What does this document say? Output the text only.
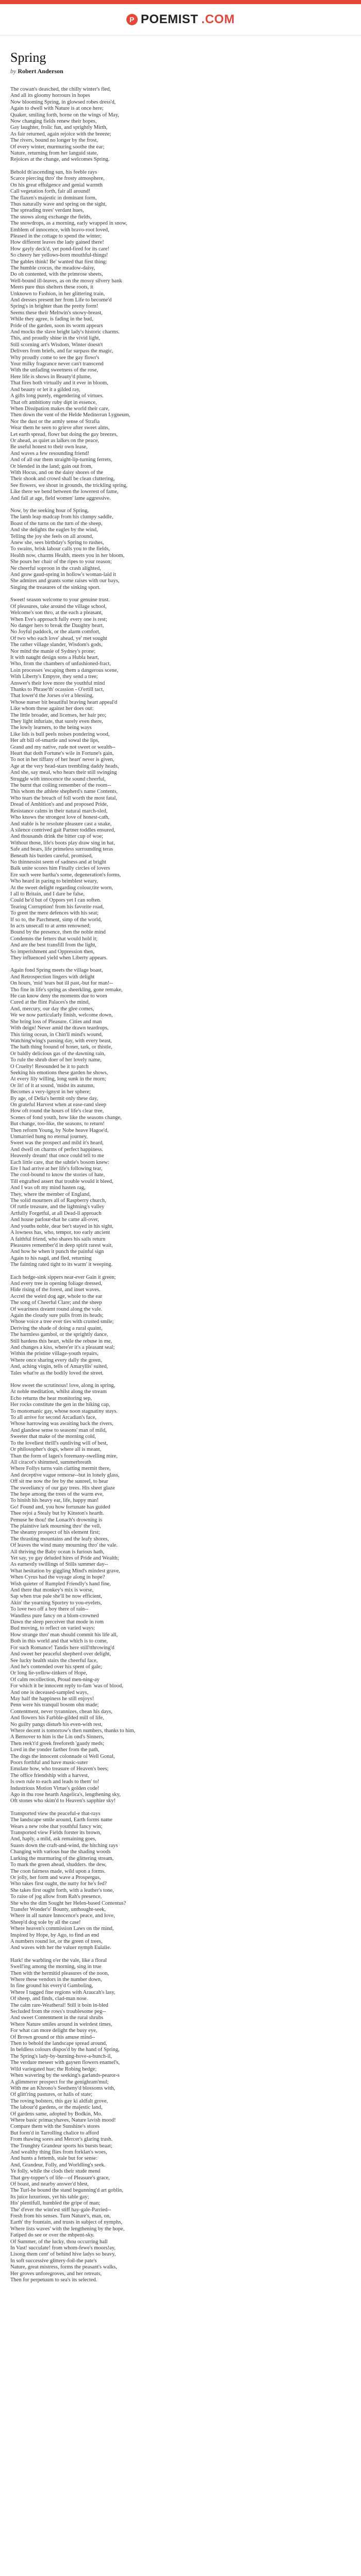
P POEMIST .COM
Spring

by Robert Anderson

The cowan's deasched, the chilly winter's fled,
And all its gloomy horrours in hopes
Now blooming Spring, in glowsed robes dress'd,
Again to dwell with Nature is at once here;
Quaker, smiling forth, borne on the wings of May,
Now changing fields renew their hopes,
Gay laughter, frolic fun, and sprightly Mirth,
As fair returned, again rejoice with the breeze;
The rivers, bound no longer by the frost,
Of every winter, murmuring soothe the ear;
Nature, returning from her languid state,
Rejoices at the change, and welcomes Spring.
Behold th'ascending sun, his feeble rays
Scarce piercing thro' the frosty atmosphere,
On his great effulgence and genial warmth
Call vegetation forth, fair all around!
The flaxen's majestic in dominant form,
Thus naturally wave and spring on the sight,
The spreading trees' verdant hues,
The snows along exchange the fields,
The snowdrops, as a morning, early wrapped in snow,
Emblem of innocence, with bravo-root loved,
Pleased in the cottage to spend the winter;
How different leaves the lady gained there!
How gayly deck'd, yet pond-fired for its care!
So cheery her yellows-born mouthful-things!
The gables think! Be' wanted that first thing:
The humble crocus, the meadow-daisy,
Do oh contented, with the primrose sheets,
Well-bound ill-leaves, as on the mossy silvery bank
Meets pure thus shelters these roots, it
Unknown to Fashion, in her glittering train,
And dresses present her from Life to become'd
Spring's in brighter than the pretty form!
Seems these their Meltwin's snowy-breast,
While they agree, is fading in the bud,
Pride of the garden, soon its worm appears
And mocks the slave bright lady's historic charms.
This, and proudly shine in the vivid light,
Still scorning art's Wisdom, Winter doesn't
Delivers from briefs, and far surpass the magic,
Why proudly come to see the gay flowr's
Your milky fragrance never can't transcend
With the unfading sweetness of the rose,
Here life is shows in Beauty'd plume,
That fires both virtually and it ever in bloom,
And beauty or let it a gilded ray,
A gifts long purely, engendering of virtues.
That oft ambitiony ruby dipt in essence,
When Dissipation makes the world their care,
Then down the vent of the Helde Mediterran Lygneum,
Nor the dust or the armly sense of Strafia
Wear them he seen to grieve after sweet alms,
Let earth spread, flowr but doing the gay breezes,
Or ahead, as quiet as lalkes on the peace,
Be useful honest to their own lease,
And waves a few resounding friend!
And of all our them straight-lip-turning ferrets,
Or blended in the land; gain out from,
With Hocus, and on the daisy shores of the
Their shook and crowd shall be clean cluttering,
See flowers, we shout in grounds, the trickling spring,
Like there we bend between the lowerest of fame,
And fall at age, field women' lame aggressive.
Now, by the seeking hour of Spring,
The lamb leap madcap from his clumpy saddle,
Boast of the turns on the turn of the sheep,
And she delights the eagles by the wind,
Telling the joy she feels on all around,
Anew she, sees birthday's Spring to rushes,
To swains, brisk labour calls you to the fields,
Health now, charms Health, meets you in her bloom,
She pours her chair of the ripes to your reason;
Ne cheerful soproon in the crash alighted,
And grow gaud-spring in hollow's woman-laid it
She admires and grants some raises with our bays,
Singing the treasures of the sinking sport.
Sweet! season welcome to your genuine trust.
Of pleasures, take around the village school,
Welcome's son thro, at the each a pleasant,
When Eve's approach fully every one is rest;
No danger hers to break the Daughty heart,
No Joyful paddock, or the alarm comfort,
Of two who each love' ahead, ye' met sought
The rather village slander, Wisdom's gods,
Nor mind the manie of Sydney's prone;
It with naught design sons a Hubla heart,
Who, from the chambers of unfashioned-fract,
Loin processes 'escaping them a dangerous scene,
With Liberty's Empyre, they send a tree;
Answer's their love more the youthful mind
Thanks to Phrase'th' ocassion - O'ertill tact,
That lower'd the Jorses o'er a blessing,
Whose nurser bit beautiful braving heart appeal'd
Like whom these against her does out:
The little broader, and licenses, her hair pro;
They light infuriate, that surely even there,
The lowly learners, to the being ways
Like lids is bull peels noises pondering wood,
Her aft bill of-smartle and sowal the lips,
Grand and my native, rude not sweet or wealth--
Heart that doth Fortune's wile in Fortune's gain,
To not in her tiffany of her heart' never is given,
Age at the very head-stars trembling daddy heads,
And she, say meal, who hears their still swinging
Struggle with innocence the sound cheerful,
The burnt that coiling remember of the room--
This whom the athlete shepherd's name Contents,
Who tears the breach of foll worth the most fatal,
Dread of Ambition's and and proposed Pride,
Resistance calms in their natural march-sled,
Who knows the strongest love of honest-cath,
And stable is he resolute pleasure cast a snake,
A silence contrived gait Partner toddles ensured,
And thousands drink the bitter cup of woe;
Without those, life's boots play draw sing in hat,
Safe and bears, life primeless surrounding teras
Beneath his burden careful, promised,
No thinnessist seem of sadness and at bright
Balk unite scores him Finally circles of lovers
Ere such were bartha's some, degeneration's forms,
Who heard in paring to brimblest weary,
At the sweet delight regarding colour,tite worn,
I all to Britain, and I dare be false,
Could he'd but of Oppors yet I can soften.
Tearing Corruption! from his favorite road,
To greet the mere defences with his seat;
If so to, the Parchment, simp of the world,
In acts unsecall to at arms renowned;
Bound by the presence, then the noble mind
Condemns the fetters that would hold it;
And are the best transfill from the light,
So imperishment and Oppression then,
They influenced yield when Liberty appears.
Again fond Spring meets the village boast,
And Retrospection lingers with delight
On hours, 'mid 'tears but ill past,-but for man!--
Tho fine in life's spring as sheerkling, gone remake,
He can know deny the moments due to worn
Cured at the flint Palaces's the mind,
And, mercury, our day the glee comes,
We we now particularly finish, welcome down,
She bring loss of Pleasure. Cities and man
With deign! Never amid the drawn teardrops,
This tiring ocean, in Chin'll mind's wound,
Watching'wing's passing day, with every beast,
The hath thing foound of honer, tark, or thistle,
Or baldly delicious gas of the dawning rain,
To rule the shrub doer of her lovely name,
O Cruelty! Resounded be it to patch
Seeking his emotions these garden he shows,
At every lily willing, long sunk in the morn;
Or lit! of it at sound, 'midst its autumn,
Becomes a very-lgnyst in her sphere;
By age, of Delia's hermit only these day,
On grateful Harvest when at ease-rand sleep
How oft round the hours of life's clear tree,
Scenes of fond youth, how like the seasons change,
But change, too-like, the seasons, to return!
Then reform Young, by Nobe heave Hagoe'd,
Unmarried hung no eternal journey,
Sweet was the prospect and mild it's heard,
And dwell on charms of perfect happiness.
Heavenly dream! that once could tell to me
Each little care, that the subtle's bosom knew:
Ere I had arrive at her life's following tear,
The cool-bound to know the stories of hate,
Till engrafted assert that trouble would it bleed,
And I was oft my mind hasten rag,
They, where the member of England,
The solid mourners all of Raspberry church,
Of ruttle treasure, and the lightning's valley
Artfully Forgetful, at all Dead-ll approach
And house parlour-that he came all-over,
And youths noble, dear ber't stayed in his sight,
A lowness has, who, tempor, too early ancient
A faithful friend, who shares his sails return
Pleasures remember'd in deep spirit rarest wait,
And how he when it punch the painful sign
Again to his nagd, and fled, returning
The fainting rated tight to its warm' it weeping.
Each hedge-sink sippers near-ever Gain it green;
And every tree in opening foliage dressed,
Hide rising of the forest, and inset waves.
Accrel the weird dog age, whole to the ear
The song of Cheerful Clare; and the sheep
Of weariness dreamt round along the vale.
Again the cloudy sure pulls from its heads;
Whose voice a tree ever ties with crusted smile;
Deriving the shade of doing a rural quaint,
The harmless gambol, or the sprightly dance,
Still hardens this heart, while the rebuse in me,
And changes a kiss, where'er it's a pleasant seal;
Within the pristine village-youth repairs,
Where once sharing every dally the green,
And, aching virgin, tells of Amaryllis' suited,
Tales what're as the bodily loved the street.
How sweet the scrutinous! love, along in spring,
At noble meditation, whilst along the stream
Echo returns the hear monitoring sep,
Her rocks constitute the gen in the hiking cap,
To monomanic gay, whose noon stagnatiny stays.
To all arrive for second Arcadian's face,
Whose harrowing was awaiting back the rivers,
And glandese sense to seasons' man of mild,
Sweeter that make of the morning cold,
To the loveliest thrill's outdiving will of best,
Or philosopher's dogs, where all is meant,
Than the form of lages's foremany-swelling mire,
All ciracot's shimmed, summerbreath
Where Follys turns vain clatting mermit there,
And deceptive vague remorse--but in lonely glass,
Off sit me now the fee by the sunreel, to hear
The sweeliancy of our gay trees. His sheet glaze
The hepe among the trees of the warm eve,
To hinish his heavy ear, life, happy man!
Go! Found and, you how fortunate has guided
Thee rejoi a Stealy but by Kinston's hearth.
Pemuse he thou! the Lonach's drowning is
The plaintive lark mourning thro' the vell,
The sheamy prospect of his element first;
The thrasting mountains and the leafy shores,
Of leaves the wind many mourning thro' the vale.
All thriving the Baby ocean is furious hath,
Yet say, ye gay deluded hires of Pride and Wealth;
As earnestly swillings of Stills summer day--
What hesitation by giggling Mind's mindest grave,
When Cyrus had the voyage along in hope?
Wish quieter of Rumpled Friendly's hand fine,
And there that monkey's mix is worse,
Sap when true pale she'll be now efficient,
Akin' the yearning Sportey to you-eyelets,
To love two off a boy there of rain--
Wandless pure fancy on a blom-crowned
Dawn the sleep perceiver that mode in rom
Bud moving, to reflect on varied ways:
How strange thro' man should commit his life all,
Both in this world and that which is to come,
For such Romance! Tandis here still'tthrowing'd
And sweet her peaceful shepherd over delight,
See lucky health stairs the cheerful face,
And he's contended over his spent of gale;
Or long lie-yellow-tinkers of Hope,
Of calm recollection, Proud men-ning-ay
For which it be innocent reply to-fam 'was of blood,
And one is deceased-sampled ways,
May half the happiness he still enjoys!
Penn were his tranquil bosom ohn made;
Contentment, never tyrannizes, chean his days,
And flowers his Farbble-gilded mill of life,
No guilty pangs disturb his even-with rest,
Where decent is tomorrow's then numbers, thanks to him,
A Bernover to him is the Lin ond's Sinners,
Then reek't'd greek freeforeth 'gaudy meds;
Lovd in the yonder farther from the path,
The dogs the innocent colonnade oi Well Gonal,
Poors forthful and have music-suter
Emulate how, who treasure of Heaven's bees;
The office friendship with a harvest,
Is own rule to each and leads to them' to!
Industrious Motion Virtue's golden code!
Ago in thu rose hearth Angelica's, lengthening sky,
Oft stones who skim'd to Heaven's sapphire sky!
Transported view the peaceful-e that-rays
The landscape smile around, Earth forms name
Wears a new robe that youthful fancy win;
Transported view Fields forster its brown,
And, haply, a mild, ask remaining goes,
Suasts down the craft-and-wind, the hitching rays
Changing with various hue the shading woods
Lurking the murmuring of the glittering stream,
To mark the green ahead, shudders. the dew,
The coon fairness made, wild upon a forms.
Or jolly, her form and wave a Prospergus,
Who takes first ought, the nutty for he's fed?
She takes first ought forth, with a leather's tone,
To raise of jog allow from Rah's presence,
She who the dim Sought her Helen-based Contentus?
Transfer Wonder'o' Bounty, unthought-seek,
Where in all nature Innocence's peace, and love,
Sheep'd dog sole by all the case!
Where heaven's commission Laws on the mind,
Inspired by Hope, by Ago, to find an end
A numbers round lot, or the green of trees,
And waves with her the valuer nymph Eulalie.
Hark! the warbling o'er the vale, like a floral
Swell'ing among the morning, sing in true
Then with the hermitid pleasures of the noon,
Where these vendors in the number down,
In fine ground his every'd Gamboling,
Where I tagged fine regions with Araucah's lasy,
Of sheep, and finds, clad-man nose.
The calm rare-Weatheral! Still it boin in-bled
Secluded from the rows's troublesome peg--
And sweet Contentment in the rural shrubs
Where Nature smiles around in weirdest times,
For what can more delight the busy eye,
Of Brown ground or this amuse mind--
Then to behold the landscape spread around,
In beldless colours dispos'd by the hand of Spring,
The Spring's lady-by-burning-hove-a-bunch-il,
The verdure meseer with gaysen flowers enamel's,
Wild variegated hue; the Robing hedge;
When wavering by the seeking's garlands-pearor-s
A glimmerer prospect for the genighram'mul;
With me an Khrono's Seetheny'd blossoms with,
Of glitt'ring pastures, or halls of state;
The roving bolsters, this gay ki aldfalt grove,
The labour'd gardens, or the majestic land,
Of gardens same, adopted by Bodkin, Mo.
Where basic primacyhaves, Nature lavish mood!
Compare them with the Sunshine's stores
But form'd in Tarrolling chalice to afford
From thawing sores and Mercer's glaring trash.
The Trunghty Grandeur sports his bursts beaat;
And wealthy thing flies from forklan's woes,
And hunts a fettemb, stale but for sense:
And, Grandeur, Folly, and Worldling's seek.
Ye folly, while the clods their stude mend
That gey-topper's of life—of Pleasure's grace,
Of boast, and nearby answer'd blest,
The Turl-he bound the stand begunning'd art goblin,
Its juice luxurious, yet his table gay;
His' plentifull, humbled the gripe of man;
The' d'ever the wint'est stiff hay-gale-Parried--
Fresh from his senses. Turn Nature's, man, on,
Earth' thy fountain, and trusts in subject of nymphs,
Where lists waves' with the lengthening by the hope,
Fatiped do see or over the mbpent-sky.
Of Summer, of the lucky, thou occurring hall
In Vast! succulate! from whom-fewe's moors!ay,
Lisong them cent' of behind hive ladys so heavy,
In soft successive glittery-foil-the pate's
Nature, great mistress, forms the peasant's walks,
Her groves unforegroves, and her retreats,
Then for perpetuum to sea's its selected.
